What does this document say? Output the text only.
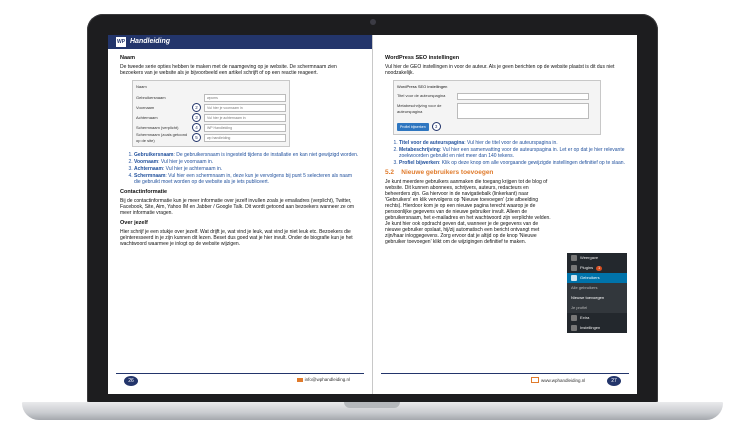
WP Handleiding
Naam
De tweede serie opties hebben te maken met de naamgeving op je website. De schermnaam zien bezoekers van je website als je bijvoorbeeld een artikel schrijft of op een reactie reageert.
Naam
Gebruikersnaam	wpcms
Voornaam	2	Vul hier je voornaam in
Achternaam	3	Vul hier je achternaam in
Schermnaam (verplicht)	4	WP Handleiding
Schermnaam (zoals getoond op de site)	5	wp handleiding
1. Gebruikersnaam: De gebruikersnaam is ingesteld tijdens de installatie en kan niet gewijzigd worden.
2. Voornaam: Vul hier je voornaam in.
3. Achternaam: Vul hier je achternaam in.
4. Schermnaam: Vul hier een schermnaam in, deze kun je vervolgens bij punt 5 selecteren als naam die gebruikt moet worden op de website als je iets publiceert.
Contactinformatie
Bij de contactinformatie kun je meer informatie over jezelf invullen zoals je emailadres (verplicht), Twitter, Facebook, Site, Aim, Yahoo IM en Jabber / Google Talk. Dit wordt getoond aan bezoekers wanneer ze om meer informatie vragen.
Over jezelf
Hier schrijf je een stukje over jezelf. Wat drijft je, wat vind je leuk, wat vind je niet leuk etc. Bezoekers die geïnteresseerd in je zijn kunnen dit lezen. Beset dus goed wat je hier invult. Onder de biografie kun je het wachtwoord waarmee je inlogt op de website wijzigen.
26	info@wphandleiding.nl
WordPress SEO instellingen
Vul hier de GEO instellingen in voor de auteur. Als je geen berichten op de website plaatst is dit dus niet noodzakelijk.
WordPress SEO instellingen
Titel voor de auteurspagina
Metabeschrijving voor de auteurspagina
Profiel bijwerken	3
1. Titel voor de auteurspagina: Vul hier de titel voor de auteurspagina in.
2. Metabeschrijving: Vul hier een samenvatting voor de auteurspagina in. Let er op dat je hier relevante zoekwoorden gebruikt en niet meer dan 140 tekens.
3. Profiel bijwerken: Klik op deze knop om alle voorgaande gewijzigde instellingen definitief op te slaan.
5.2 Nieuwe gebruikers toevoegen
Je kunt meerdere gebruikers aanmaken die toegang krijgen tot de blog of website. Dit kunnen abonnees, schrijvers, auteurs, redacteurs en beheerders zijn. Ga hiervoor in de navigatiebalk (linkerkant) naar 'Gebruikers' en klik vervolgens op 'Nieuwe toevoegen' (zie afbeelding rechts). Hierdoor kom je op een nieuwe pagina terecht waarop je de persoonlijke gegevens van de nieuwe gebruiker invult. Alleen de gebruikersnaam, het e-mailadres en het wachtwoord zijn verplichte velden. Je kunt hier ook opdracht geven dat, wanneer je de gegevens van de nieuwe gebruiker opslaat, hij/zij automatisch een bericht ontvangt met zijn/haar inloggegevens. Zorg ervoor dat je altijd op de knop 'Nieuwe gebruiker toevoegen' klikt om de wijzigingen definitief te maken.
Weergave
Plugins	1
Gebruikers
Alle gebruikers
Nieuwe toevoegen
Je profiel
Extra
Instellingen
www.wphandleiding.nl	27
